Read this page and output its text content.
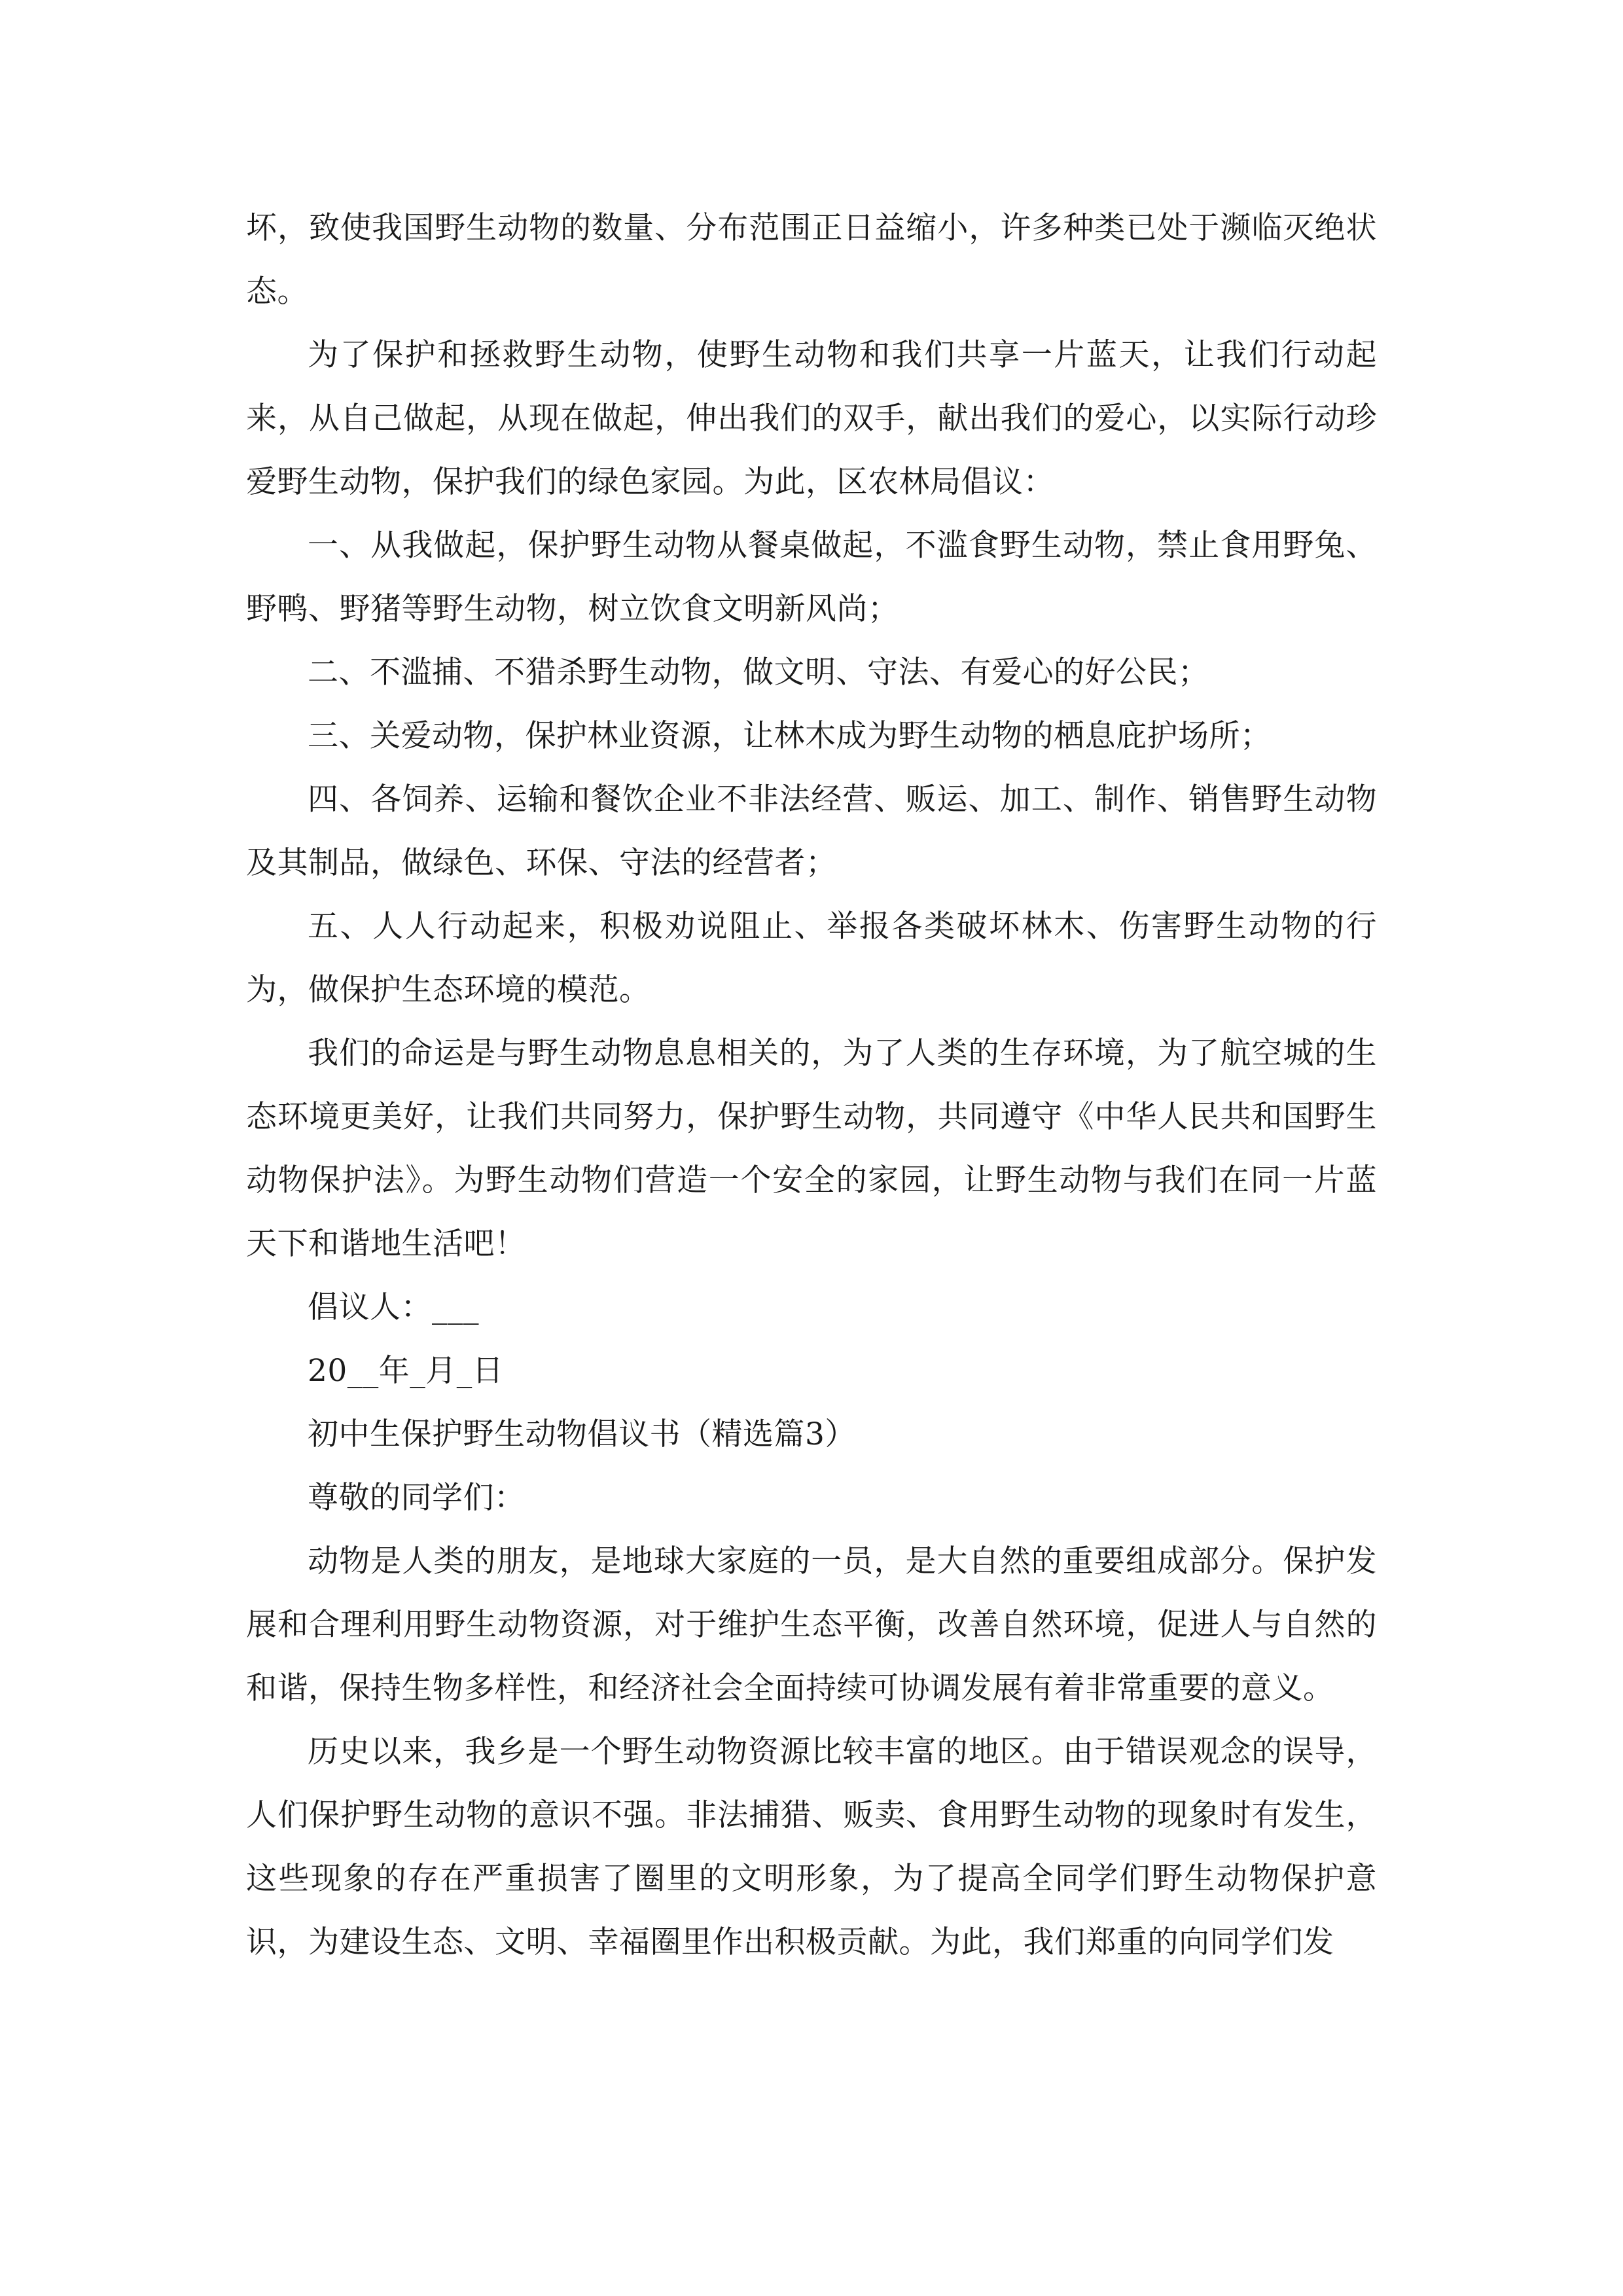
坏，致使我国野生动物的数量、分布范围正日益缩小，许多种类已处于濒临灭绝状态。

为了保护和拯救野生动物，使野生动物和我们共享一片蓝天，让我们行动起来，从自己做起，从现在做起，伸出我们的双手，献出我们的爱心，以实际行动珍爱野生动物，保护我们的绿色家园。为此，区农林局倡议：

一、从我做起，保护野生动物从餐桌做起，不滥食野生动物，禁止食用野兔、野鸭、野猪等野生动物，树立饮食文明新风尚；

二、不滥捕、不猎杀野生动物，做文明、守法、有爱心的好公民；

三、关爱动物，保护林业资源，让林木成为野生动物的栖息庇护场所；

四、各饲养、运输和餐饮企业不非法经营、贩运、加工、制作、销售野生动物及其制品，做绿色、环保、守法的经营者；

五、人人行动起来，积极劝说阻止、举报各类破坏林木、伤害野生动物的行为，做保护生态环境的模范。

我们的命运是与野生动物息息相关的，为了人类的生存环境，为了航空城的生态环境更美好，让我们共同努力，保护野生动物，共同遵守《中华人民共和国野生动物保护法》。为野生动物们营造一个安全的家园，让野生动物与我们在同一片蓝天下和谐地生活吧！

倡议人：___

20__年_月_日

初中生保护野生动物倡议书（精选篇3）

尊敬的同学们：

动物是人类的朋友，是地球大家庭的一员，是大自然的重要组成部分。保护发展和合理利用野生动物资源，对于维护生态平衡，改善自然环境，促进人与自然的和谐，保持生物多样性，和经济社会全面持续可协调发展有着非常重要的意义。

历史以来，我乡是一个野生动物资源比较丰富的地区。由于错误观念的误导，人们保护野生动物的意识不强。非法捕猎、贩卖、食用野生动物的现象时有发生，这些现象的存在严重损害了圈里的文明形象，为了提高全同学们野生动物保护意识，为建设生态、文明、幸福圈里作出积极贡献。为此，我们郑重的向同学们发
